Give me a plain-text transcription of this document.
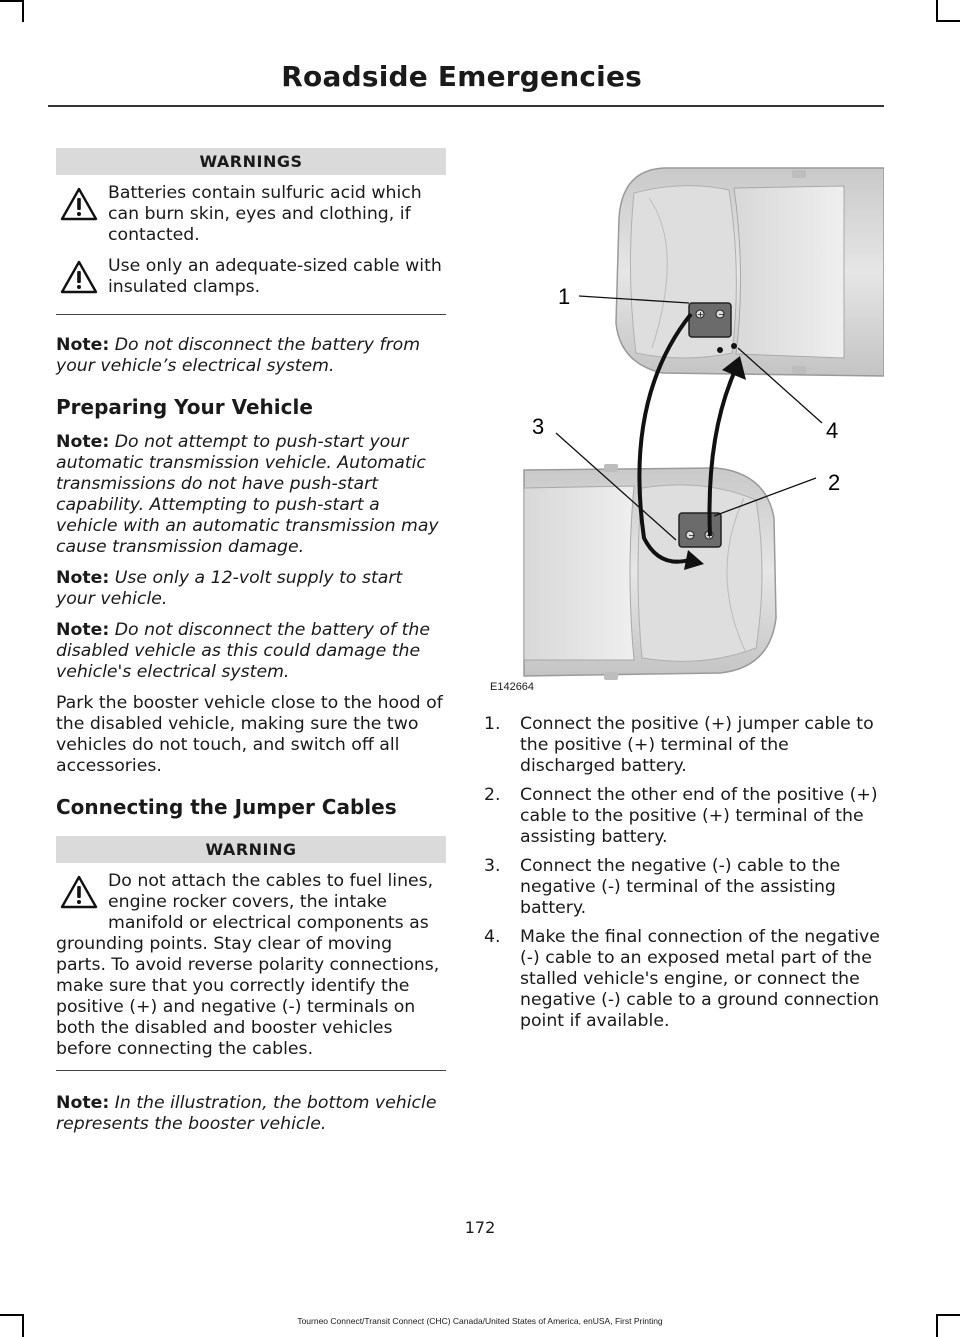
Roadside Emergencies
WARNINGS
Batteries contain sulfuric acid which can burn skin, eyes and clothing, if contacted.
Use only an adequate-sized cable with insulated clamps.
Note: Do not disconnect the battery from your vehicle’s electrical system.
Preparing Your Vehicle
Note: Do not attempt to push-start your automatic transmission vehicle. Automatic transmissions do not have push-start capability. Attempting to push-start a vehicle with an automatic transmission may cause transmission damage.
Note: Use only a 12-volt supply to start your vehicle.
Note: Do not disconnect the battery of the disabled vehicle as this could damage the vehicle's electrical system.

Park the booster vehicle close to the hood of the disabled vehicle, making sure the two vehicles do not touch, and switch off all accessories.

Connecting the Jumper Cables
WARNING
Do not attach the cables to fuel lines, engine rocker covers, the intake manifold or electrical components as grounding points. Stay clear of moving parts. To avoid reverse polarity connections, make sure that you correctly identify the positive (+) and negative (-) terminals on both the disabled and booster vehicles before connecting the cables.
Note: In the illustration, the bottom vehicle represents the booster vehicle.
+ −
− +
1
2
3	4
E142664
1. Connect the positive (+) jumper cable to the positive (+) terminal of the discharged battery.
2. Connect the other end of the positive (+) cable to the positive (+) terminal of the assisting battery.
3. Connect the negative (-) cable to the negative (-) terminal of the assisting battery.
4. Make the final connection of the negative (-) cable to an exposed metal part of the stalled vehicle's engine, or connect the negative (-) cable to a ground connection point if available.
172
Tourneo Connect/Transit Connect (CHC) Canada/United States of America, enUSA, First Printing
